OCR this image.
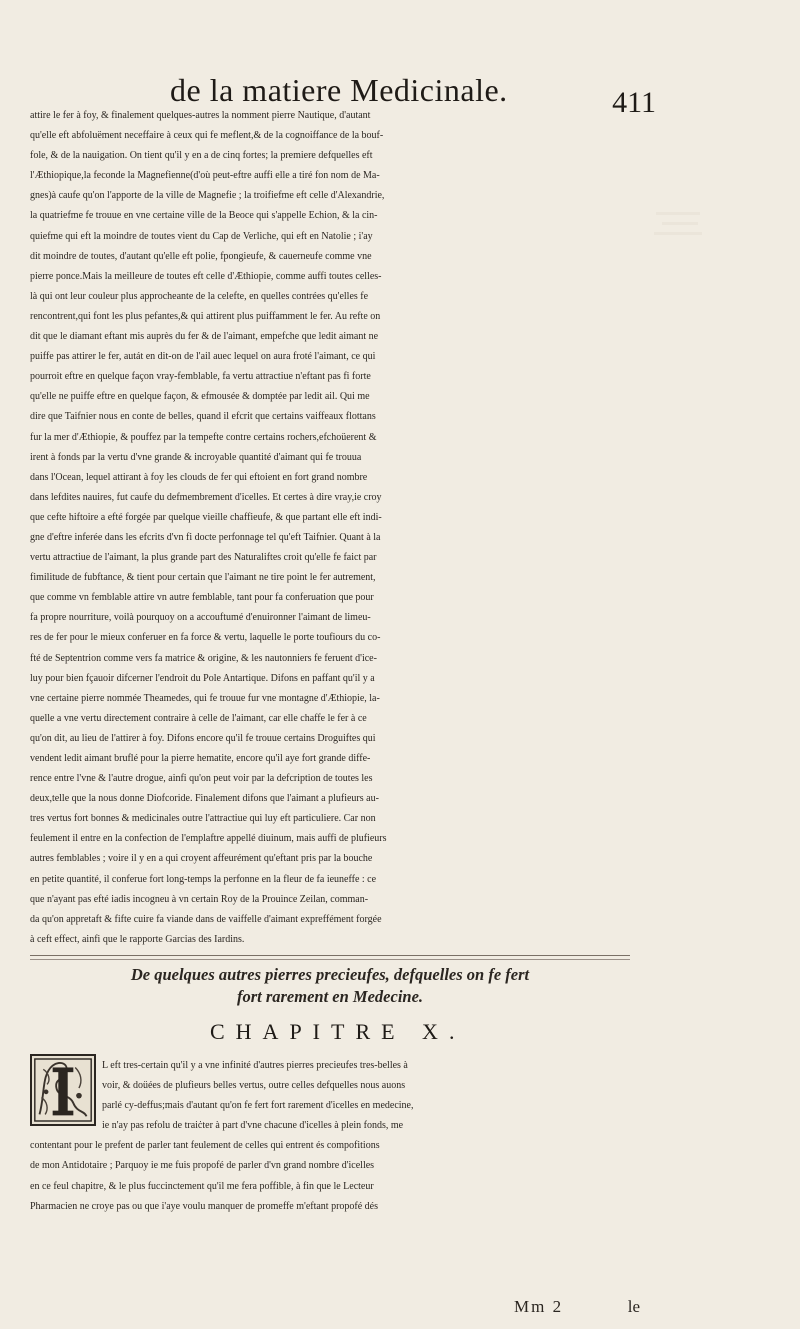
de la matiere Medicinale.	411
attire le fer à foy, & finalement quelques-autres la nomment pierre Nautique, d'autant
qu'elle eft abfoluëment neceffaire à ceux qui fe meflent,& de la cognoiffance de la bouf-
fole, & de la nauigation. On tient qu'il y en a de cinq fortes; la premiere defquelles eft
l'Æthiopique,la feconde la Magnefienne(d'où peut-eftre auffi elle a tiré fon nom de Ma-
gnes)à caufe qu'on l'apporte de la ville de Magnefie ; la troifiefme eft celle d'Alexandrie,
la quatriefme fe trouue en vne certaine ville de la Beoce qui s'appelle Echion, & la cin-
quiefme qui eft la moindre de toutes vient du Cap de Verliche, qui eft en Natolie ; i'ay
dit moindre de toutes, d'autant qu'elle eft polie, fpongieufe, & cauerneufe comme vne
pierre ponce.Mais la meilleure de toutes eft celle d'Æthiopie, comme auffi toutes celles-
là qui ont leur couleur plus approcheante de la celefte, en quelles contrées qu'elles fe
rencontrent,qui font les plus pefantes,& qui attirent plus puiffamment le fer. Au refte on
dit que le diamant eftant mis auprès du fer & de l'aimant, empefche que ledit aimant ne
puiffe pas attirer le fer, autát en dit-on de l'ail auec lequel on aura froté l'aimant, ce qui
pourroit eftre en quelque façon vray-femblable, fa vertu attractiue n'eftant pas fi forte
qu'elle ne puiffe eftre en quelque façon, & efmousée & domptée par ledit ail. Qui me
dire que Taifnier nous en conte de belles, quand il efcrit que certains vaiffeaux flottans
fur la mer d'Æthiopie, & pouffez par la tempefte contre certains rochers,efchoüerent &
irent à fonds par la vertu d'vne grande & incroyable quantité d'aimant qui fe trouua
dans l'Ocean, lequel attirant à foy les clouds de fer qui eftoient en fort grand nombre
dans lefdites nauires, fut caufe du defmembrement d'icelles. Et certes à dire vray,ie croy
que cefte hiftoire a efté forgée par quelque vieille chaffieufe, & que partant elle eft indi-
gne d'eftre inferée dans les efcrits d'vn fi docte perfonnage tel qu'eft Taifnier. Quant à la
vertu attractiue de l'aimant, la plus grande part des Naturaliftes croit qu'elle fe faict par
fimilitude de fubftance, & tient pour certain que l'aimant ne tire point le fer autrement,
que comme vn femblable attire vn autre femblable, tant pour fa conferuation que pour
fa propre nourriture, voilà pourquoy on a accouftumé d'enuironner l'aimant de limeu-
res de fer pour le mieux conferuer en fa force & vertu, laquelle le porte toufiours du co-
fté de Septentrion comme vers fa matrice & origine, & les nautonniers fe feruent d'ice-
luy pour bien fçauoir difcerner l'endroit du Pole Antartique. Difons en paffant qu'il y a
vne certaine pierre nommée Theamedes, qui fe trouue fur vne montagne d'Æthiopie, la-
quelle a vne vertu directement contraire à celle de l'aimant, car elle chaffe le fer à ce
qu'on dit, au lieu de l'attirer à foy. Difons encore qu'il fe trouue certains Droguiftes qui
vendent ledit aimant bruflé pour la pierre hematite, encore qu'il aye fort grande diffe-
rence entre l'vne & l'autre drogue, ainfi qu'on peut voir par la defcription de toutes les
deux,telle que la nous donne Diofcoride. Finalement difons que l'aimant a plufieurs au-
tres vertus fort bonnes & medicinales outre l'attractiue qui luy eft particuliere. Car non
feulement il entre en la confection de l'emplaftre appellé diuinum, mais auffi de plufieurs
autres femblables ; voire il y en a qui croyent affeurément qu'eftant pris par la bouche
en petite quantité, il conferue fort long-temps la perfonne en la fleur de fa ieuneffe : ce
que n'ayant pas efté iadis incogneu à vn certain Roy de la Prouince Zeilan, comman-
da qu'on appretaft & fifte cuire fa viande dans de vaiffelle d'aimant expreffément forgée
à ceft effect, ainfi que le rapporte Garcias des Iardins.
De quelques autres pierres precieufes, defquelles on fe fert
fort rarement en Medecine.
CHAPITRE X.
L eft tres-certain qu'il y a vne infinité d'autres pierres precieufes tres-belles à
voir, & doüées de plufieurs belles vertus, outre celles defquelles nous auons
parlé cy-deffus;mais d'autant qu'on fe fert fort rarement d'icelles en medecine,
ie n'ay pas refolu de traiċter à part d'vne chacune d'icelles à plein fonds, me
contentant pour le prefent de parler tant feulement de celles qui entrent és compofitions
de mon Antidotaire ; Parquoy ie me fuis propofé de parler d'vn grand nombre d'icelles
en ce feul chapitre, & le plus fuccinctement qu'il me fera poffible, à fin que le Lecteur
Pharmacien ne croye pas ou que i'aye voulu manquer de promeffe m'eftant propofé dés
Mm 2	le
